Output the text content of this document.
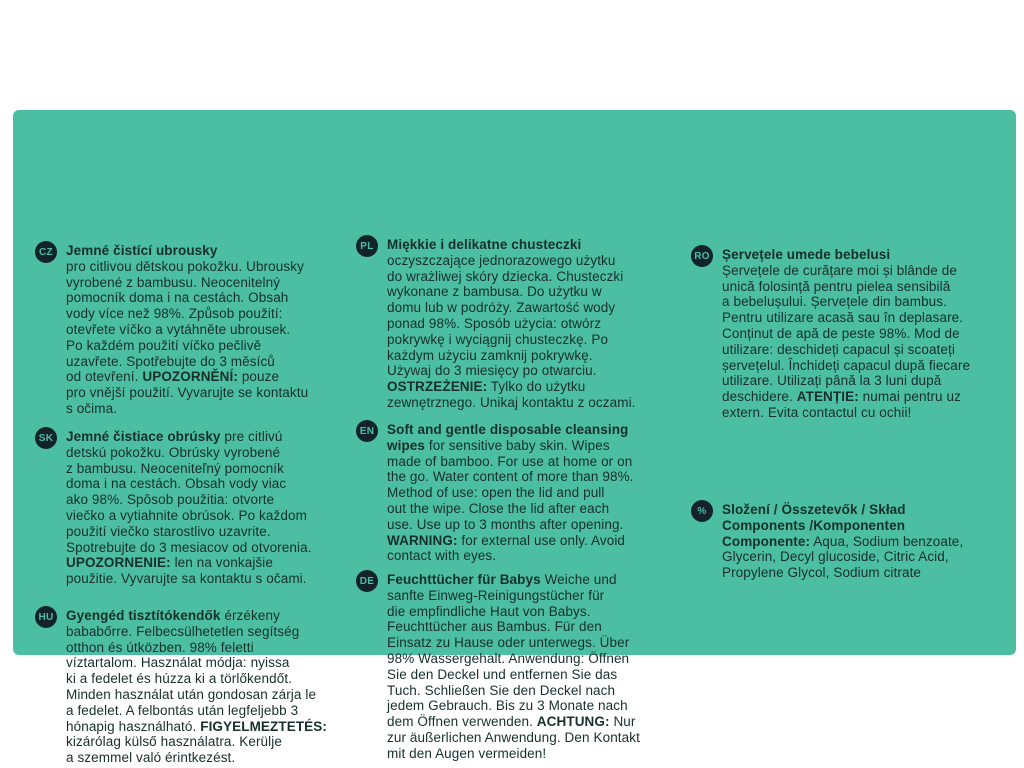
CZ Jemné čistící ubrousky
pro citlivou dětskou pokožku. Ubrousky
vyrobené z bambusu. Neocenitelný
pomocník doma i na cestách. Obsah
vody více než 98%. Způsob použití:
otevřete víčko a vytáhněte ubrousek.
Po každém použití víčko pečlivě
uzavřete. Spotřebujte do 3 měsíců
od otevření. UPOZORNĚNÍ: pouze
pro vnější použití. Vyvarujte se kontaktu
s očima.
SK Jemné čistiace obrúsky pre citlivú
detskú pokožku. Obrúsky vyrobené
z bambusu. Neoceniteľný pomocník
doma i na cestách. Obsah vody viac
ako 98%. Spôsob použitia: otvorte
viečko a vytiahnite obrúsok. Po každom
použití viečko starostlivo uzavrite.
Spotrebujte do 3 mesiacov od otvorenia.
UPOZORNENIE: len na vonkajšie
použitie. Vyvarujte sa kontaktu s očami.
HU Gyengéd tisztítókendők érzékeny
bababőrre. Felbecsülhetetlen segítség
otthon és útközben. 98% feletti
víztartalom. Használat módja: nyissa
ki a fedelet és húzza ki a törlőkendőt.
Minden használat után gondosan zárja le
a fedelet. A felbontás után legfeljebb 3
hónapig használható. FIGYELMEZTETÉS:
kizárólag külső használatra. Kerülje
a szemmel való érintkezést.
PL Miękkie i delikatne chusteczki
oczyszczające jednorazowego użytku
do wrażliwej skóry dziecka. Chusteczki
wykonane z bambusa. Do użytku w
domu lub w podróży. Zawartość wody
ponad 98%. Sposób użycia: otwórz
pokrywkę i wyciągnij chusteczkę. Po
każdym użyciu zamknij pokrywkę.
Używaj do 3 miesięcy po otwarciu.
OSTRZEŻENIE: Tylko do użytku
zewnętrznego. Unikaj kontaktu z oczami.
EN Soft and gentle disposable cleansing
wipes for sensitive baby skin. Wipes
made of bamboo. For use at home or on
the go. Water content of more than 98%.
Method of use: open the lid and pull
out the wipe. Close the lid after each
use. Use up to 3 months after opening.
WARNING: for external use only. Avoid
contact with eyes.
DE Feuchttücher für Babys Weiche und
sanfte Einweg-Reinigungstücher für
die empfindliche Haut von Babys.
Feuchttücher aus Bambus. Für den
Einsatz zu Hause oder unterwegs. Über
98% Wassergehalt. Anwendung: Öffnen
Sie den Deckel und entfernen Sie das
Tuch. Schließen Sie den Deckel nach
jedem Gebrauch. Bis zu 3 Monate nach
dem Öffnen verwenden. ACHTUNG: Nur
zur äußerlichen Anwendung. Den Kontakt
mit den Augen vermeiden!
RO Șervețele umede bebelusi
Șervețele de curățare moi și blânde de
unică folosință pentru pielea sensibilă
a bebelușului. Șervețele din bambus.
Pentru utilizare acasă sau în deplasare.
Conținut de apă de peste 98%. Mod de
utilizare: deschideți capacul și scoateți
șervețelul. Închideți capacul după fiecare
utilizare. Utilizați până la 3 luni după
deschidere. ATENȚIE: numai pentru uz
extern. Evita contactul cu ochii!
%	Složení / Összetevők / Skład
Components /Komponenten
Componente: Aqua, Sodium benzoate,
Glycerin, Decyl glucoside, Citric Acid,
Propylene Glycol, Sodium citrate
